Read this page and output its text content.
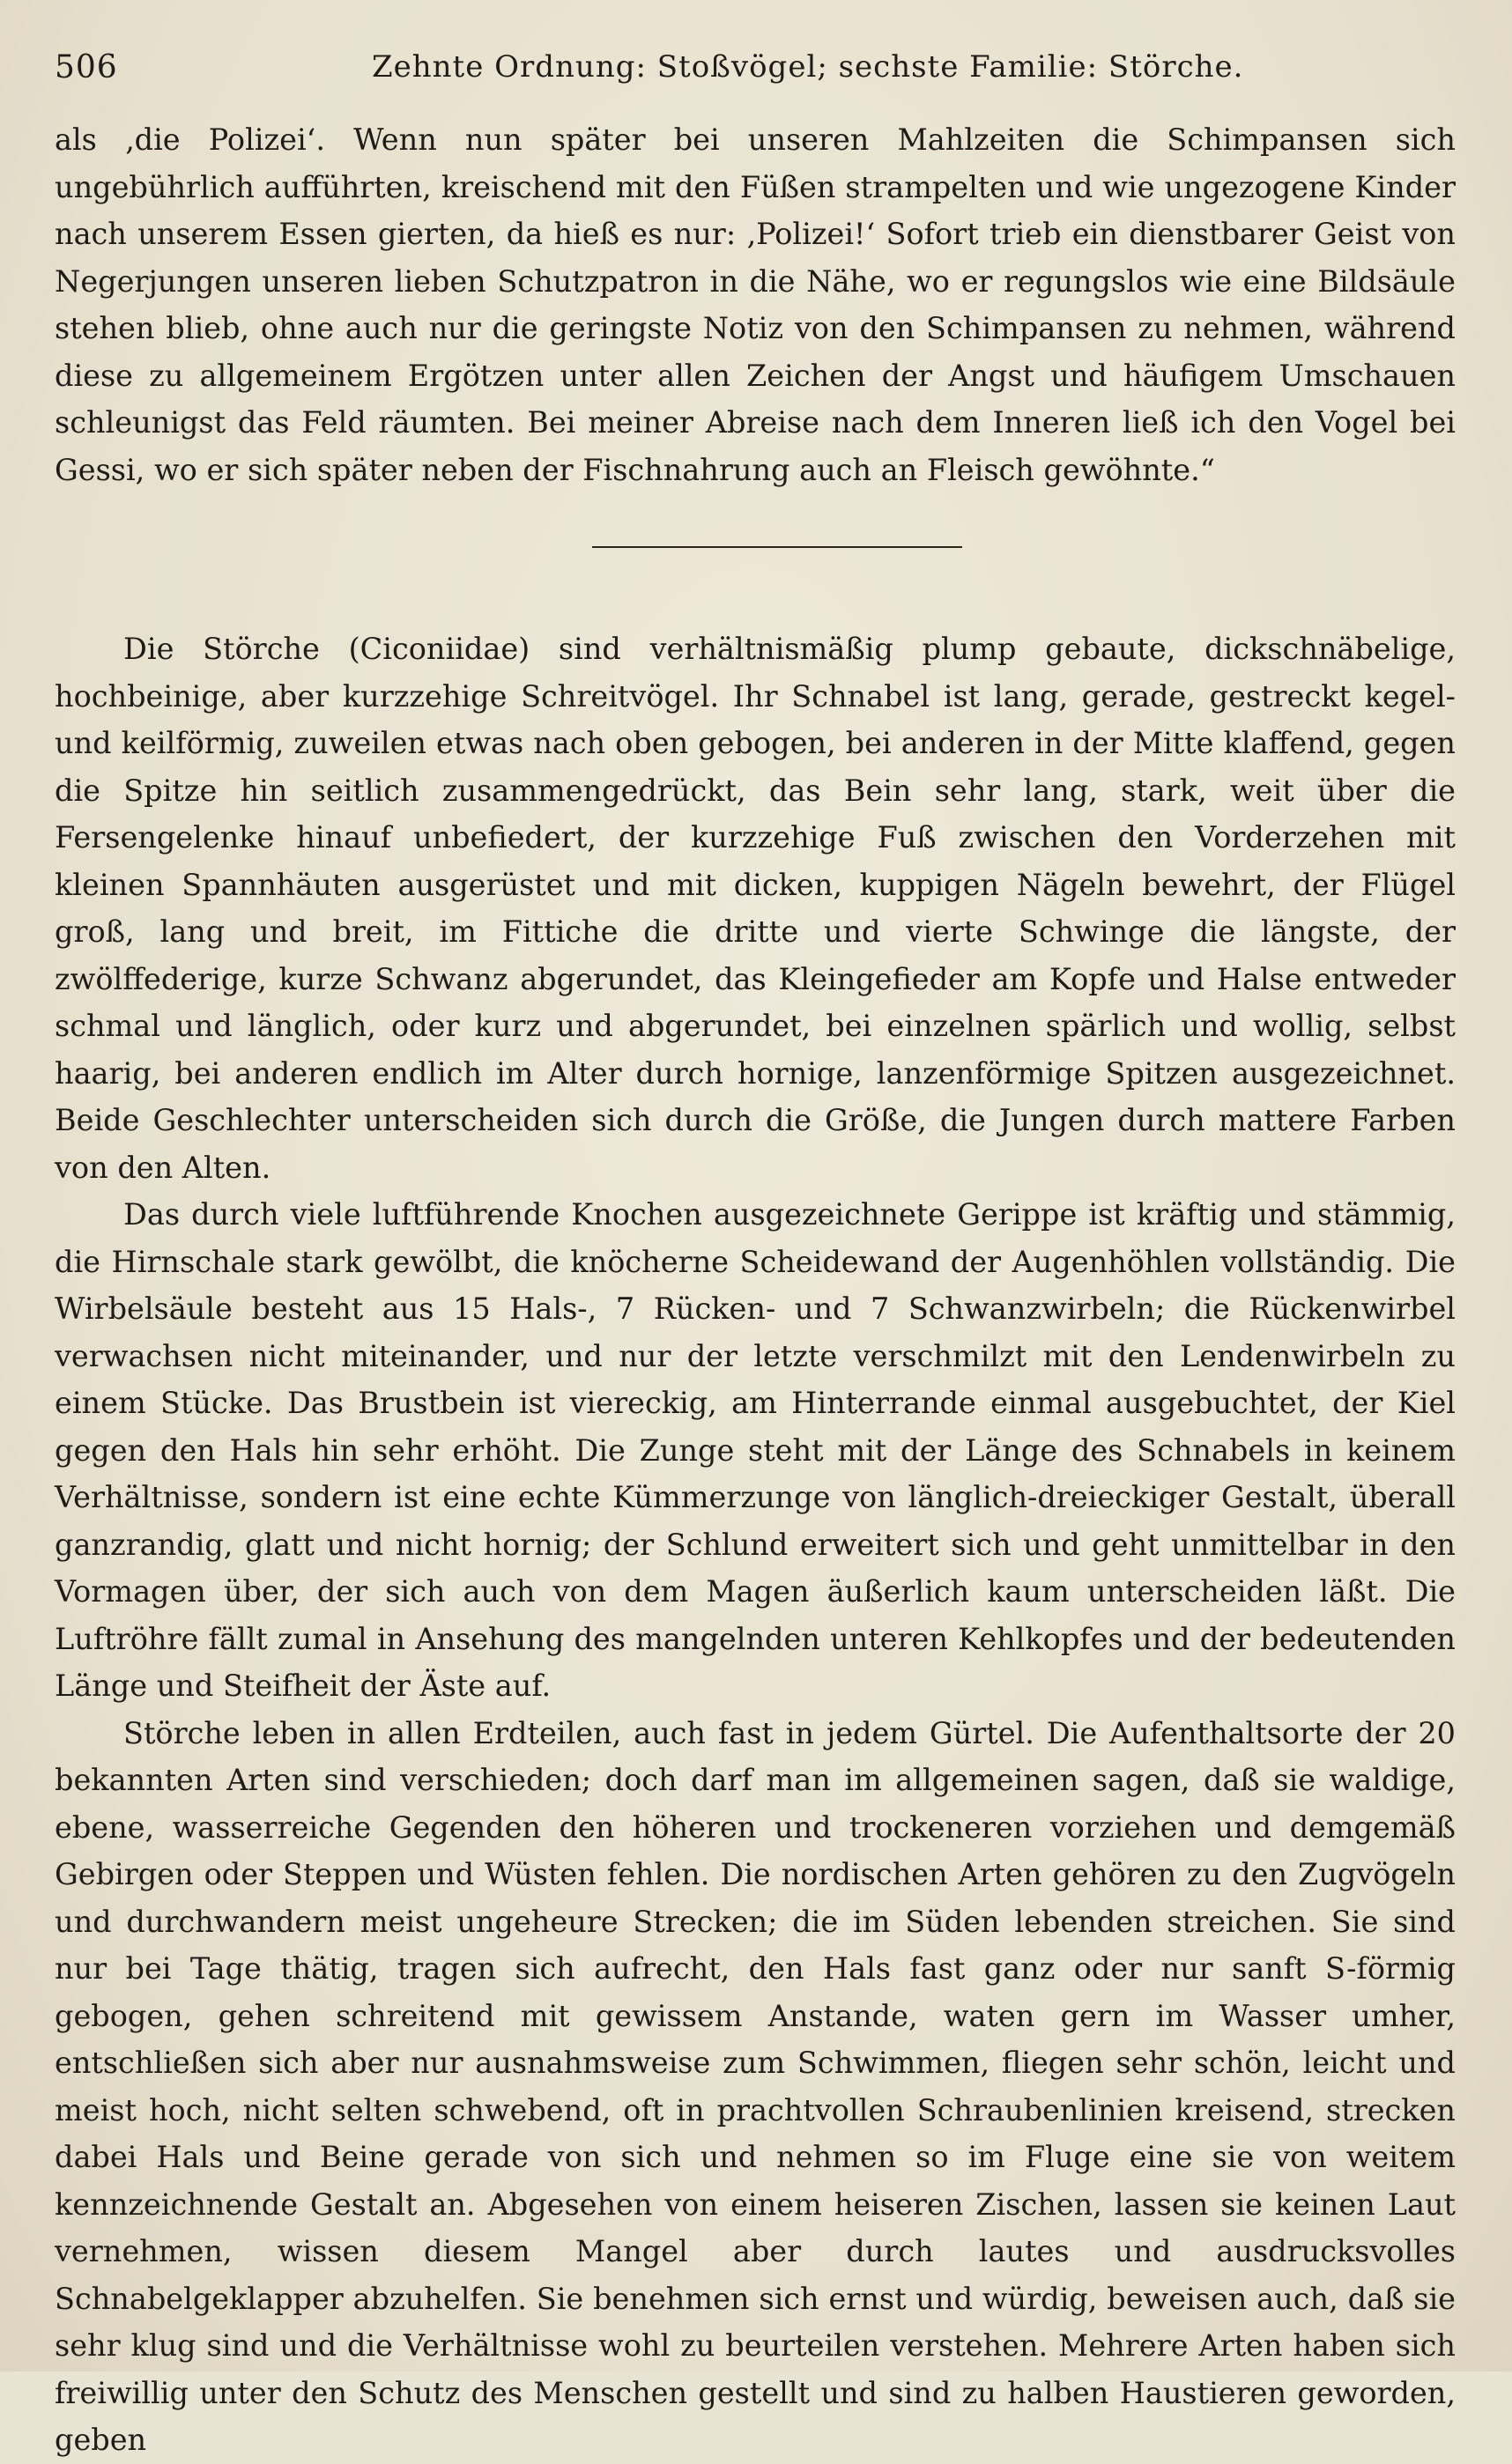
506	Zehnte Ordnung: Stoßvögel; sechste Familie: Störche.

als ‚die Polizei‘. Wenn nun später bei unseren Mahlzeiten die Schimpansen sich ungebührlich aufführten, kreischend mit den Füßen strampelten und wie ungezogene Kinder nach unserem Essen gierten, da hieß es nur: ‚Polizei!‘ Sofort trieb ein dienstbarer Geist von Negerjungen unseren lieben Schutzpatron in die Nähe, wo er regungslos wie eine Bildsäule stehen blieb, ohne auch nur die geringste Notiz von den Schimpansen zu nehmen, während diese zu allgemeinem Ergötzen unter allen Zeichen der Angst und häufigem Umschauen schleunigst das Feld räumten. Bei meiner Abreise nach dem Inneren ließ ich den Vogel bei Gessi, wo er sich später neben der Fischnahrung auch an Fleisch gewöhnte.“

Die Störche (Ciconiidae) sind verhältnismäßig plump gebaute, dickschnäbelige, hochbeinige, aber kurzzehige Schreitvögel. Ihr Schnabel ist lang, gerade, gestreckt kegel- und keilförmig, zuweilen etwas nach oben gebogen, bei anderen in der Mitte klaffend, gegen die Spitze hin seitlich zusammengedrückt, das Bein sehr lang, stark, weit über die Fersengelenke hinauf unbefiedert, der kurzzehige Fuß zwischen den Vorderzehen mit kleinen Spannhäuten ausgerüstet und mit dicken, kuppigen Nägeln bewehrt, der Flügel groß, lang und breit, im Fittiche die dritte und vierte Schwinge die längste, der zwölffederige, kurze Schwanz abgerundet, das Kleingefieder am Kopfe und Halse entweder schmal und länglich, oder kurz und abgerundet, bei einzelnen spärlich und wollig, selbst haarig, bei anderen endlich im Alter durch hornige, lanzenförmige Spitzen ausgezeichnet. Beide Geschlechter unterscheiden sich durch die Größe, die Jungen durch mattere Farben von den Alten.

Das durch viele luftführende Knochen ausgezeichnete Gerippe ist kräftig und stämmig, die Hirnschale stark gewölbt, die knöcherne Scheidewand der Augenhöhlen vollständig. Die Wirbelsäule besteht aus 15 Hals-, 7 Rücken- und 7 Schwanzwirbeln; die Rückenwirbel verwachsen nicht miteinander, und nur der letzte verschmilzt mit den Lendenwirbeln zu einem Stücke. Das Brustbein ist viereckig, am Hinterrande einmal ausgebuchtet, der Kiel gegen den Hals hin sehr erhöht. Die Zunge steht mit der Länge des Schnabels in keinem Verhältnisse, sondern ist eine echte Kümmerzunge von länglich-dreieckiger Gestalt, überall ganzrandig, glatt und nicht hornig; der Schlund erweitert sich und geht unmittelbar in den Vormagen über, der sich auch von dem Magen äußerlich kaum unterscheiden läßt. Die Luftröhre fällt zumal in Ansehung des mangelnden unteren Kehlkopfes und der bedeutenden Länge und Steifheit der Äste auf.

Störche leben in allen Erdteilen, auch fast in jedem Gürtel. Die Aufenthaltsorte der 20 bekannten Arten sind verschieden; doch darf man im allgemeinen sagen, daß sie waldige, ebene, wasserreiche Gegenden den höheren und trockeneren vorziehen und demgemäß Gebirgen oder Steppen und Wüsten fehlen. Die nordischen Arten gehören zu den Zugvögeln und durchwandern meist ungeheure Strecken; die im Süden lebenden streichen. Sie sind nur bei Tage thätig, tragen sich aufrecht, den Hals fast ganz oder nur sanft S-förmig gebogen, gehen schreitend mit gewissem Anstande, waten gern im Wasser umher, entschließen sich aber nur ausnahmsweise zum Schwimmen, fliegen sehr schön, leicht und meist hoch, nicht selten schwebend, oft in prachtvollen Schraubenlinien kreisend, strecken dabei Hals und Beine gerade von sich und nehmen so im Fluge eine sie von weitem kennzeichnende Gestalt an. Abgesehen von einem heiseren Zischen, lassen sie keinen Laut vernehmen, wissen diesem Mangel aber durch lautes und ausdrucksvolles Schnabelgeklapper abzuhelfen. Sie benehmen sich ernst und würdig, beweisen auch, daß sie sehr klug sind und die Verhältnisse wohl zu beurteilen verstehen. Mehrere Arten haben sich freiwillig unter den Schutz des Menschen gestellt und sind zu halben Haustieren geworden, geben
